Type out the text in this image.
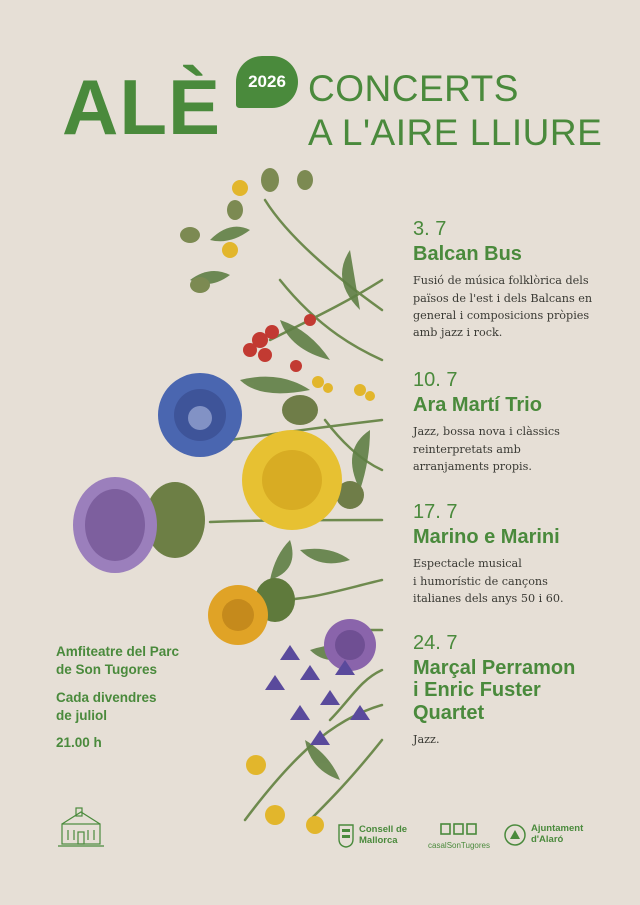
ALÈ	2026 CONCERTS
A L'AIRE LLIURE
3. 7
Balcan Bus
Fusió de música folklòrica dels
països de l'est i dels Balcans en
general i composicions pròpies
amb jazz i rock.
10. 7
Ara Martí Trio
Jazz, bossa nova i clàssics
reinterpretats amb
arranjaments propis.
17. 7
Marino e Marini
Espectacle musical
i humorístic de cançons
italianes dels anys 50 i 60.
24. 7
Marçal Perramon
i Enric Fuster
Quartet
Jazz.
Amfiteatre del Parc
de Son Tugores
Cada divendres
de juliol
21.00 h
Consell de
Mallorca	casalSonTugores
Ajuntament
d'Alaró
